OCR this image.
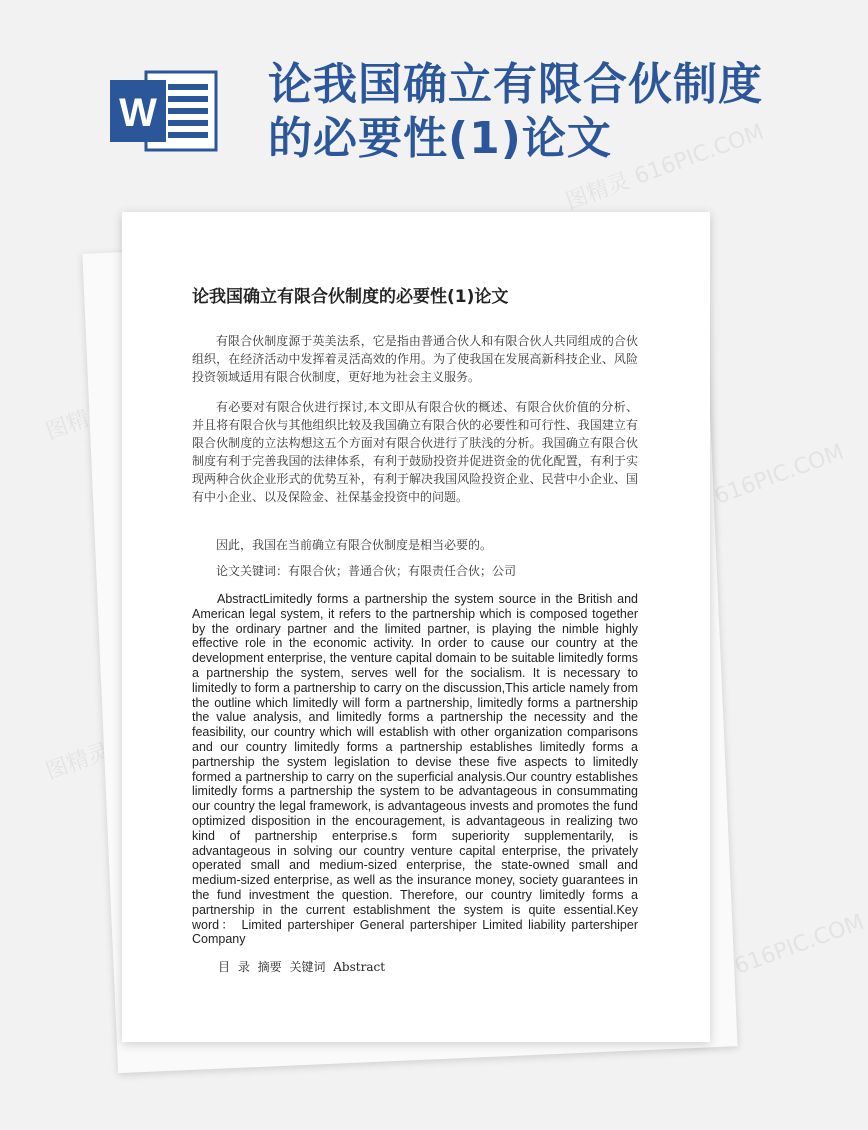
W
论我国确立有限合伙制度的必要性(1)论文
图精灵 616PIC.COM
图精灵
图精灵 616PIC.COM
图精灵
图精灵 616PIC.COM
论我国确立有限合伙制度的必要性(1)论文

有限合伙制度源于英美法系，它是指由普通合伙人和有限合伙人共同组成的合伙组织，在经济活动中发挥着灵活高效的作用。为了使我国在发展高新科技企业、风险投资领域适用有限合伙制度，更好地为社会主义服务。

有必要对有限合伙进行探讨,本文即从有限合伙的概述、有限合伙价值的分析、并且将有限合伙与其他组织比较及我国确立有限合伙的必要性和可行性、我国建立有限合伙制度的立法构想这五个方面对有限合伙进行了肤浅的分析。我国确立有限合伙制度有利于完善我国的法律体系，有利于鼓励投资并促进资金的优化配置，有利于实现两种合伙企业形式的优势互补，有利于解决我国风险投资企业、民营中小企业、国有中小企业、以及保险金、社保基金投资中的问题。

因此，我国在当前确立有限合伙制度是相当必要的。

论文关键词：有限合伙；普通合伙；有限责任合伙；公司

AbstractLimitedly forms a partnership the system source in the British and American legal system, it refers to the partnership which is composed together by the ordinary partner and the limited partner, is playing the nimble highly effective role in the economic activity. In order to cause our country at the development enterprise, the venture capital domain to be suitable limitedly forms a partnership the system, serves well for the socialism. It is necessary to limitedly to form a partnership to carry on the discussion,This article namely from the outline which limitedly will form a partnership, limitedly forms a partnership the value analysis, and limitedly forms a partnership the necessity and the feasibility, our country which will establish with other organization comparisons and our country limitedly forms a partnership establishes limitedly forms a partnership the system legislation to devise these five aspects to limitedly formed a partnership to carry on the superficial analysis.Our country establishes limitedly forms a partnership the system to be advantageous in consummating our country the legal framework, is advantageous invests and promotes the fund optimized disposition in the encouragement, is advantageous in realizing two kind of partnership enterprise.s form superiority supplementarily, is advantageous in solving our country venture capital enterprise, the privately operated small and medium-sized enterprise, the state-owned small and medium-sized enterprise, as well as the insurance money, society guarantees in the fund investment the question. Therefore, our country limitedly forms a partnership in the current establishment the system is quite essential.Key word： Limited partershiper General partershiper Limited liability partershiper Company

目 录 摘要 关键词 Abstract
